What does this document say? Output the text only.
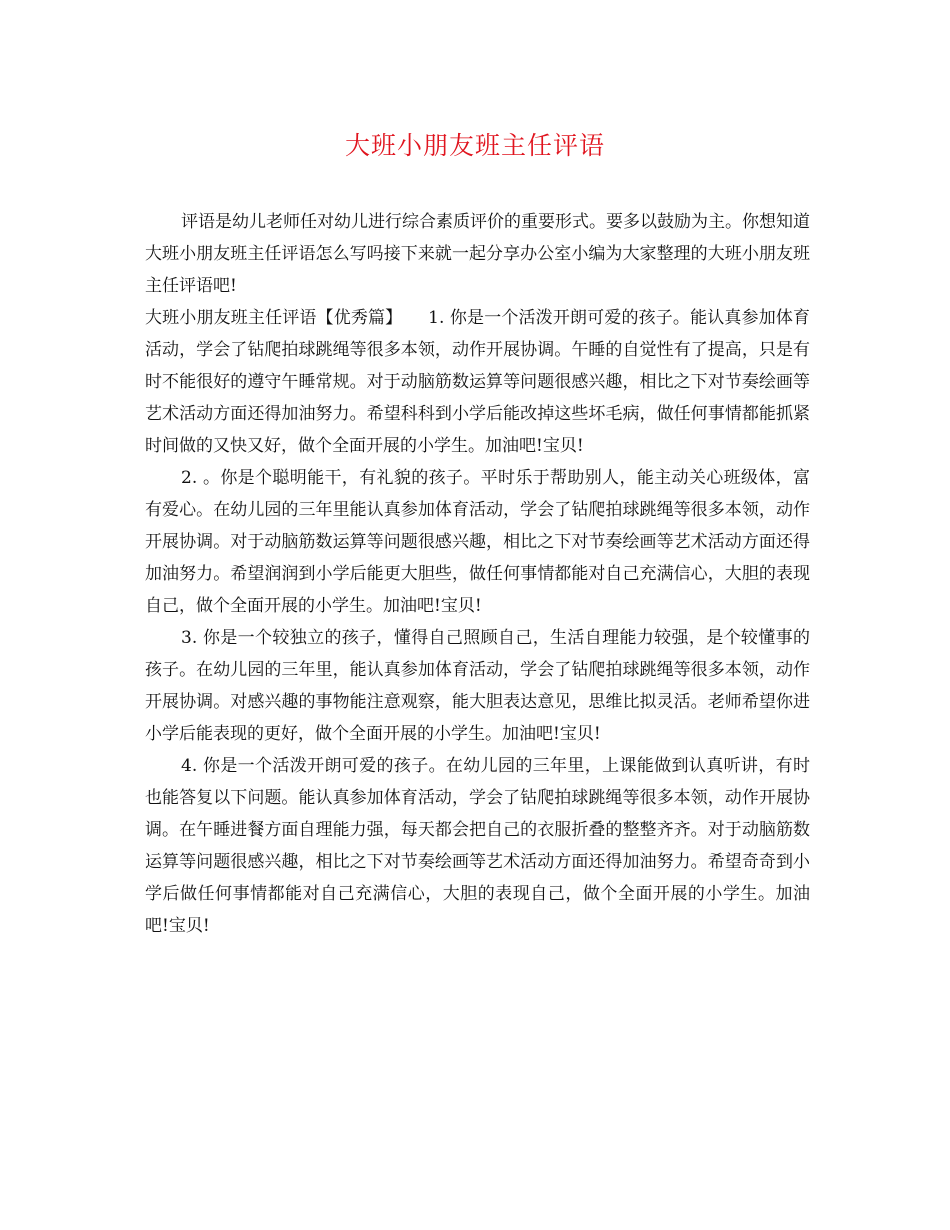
大班小朋友班主任评语

评语是幼儿老师任对幼儿进行综合素质评价的重要形式。要多以鼓励为主。你想知道大班小朋友班主任评语怎么写吗接下来就一起分享办公室小编为大家整理的大班小朋友班主任评语吧!

大班小朋友班主任评语【优秀篇】　　1. 你是一个活泼开朗可爱的孩子。能认真参加体育活动，学会了钻爬拍球跳绳等很多本领，动作开展协调。午睡的自觉性有了提高，只是有时不能很好的遵守午睡常规。对于动脑筋数运算等问题很感兴趣，相比之下对节奏绘画等艺术活动方面还得加油努力。希望科科到小学后能改掉这些坏毛病，做任何事情都能抓紧时间做的又快又好，做个全面开展的小学生。加油吧!宝贝!

2. 。你是个聪明能干，有礼貌的孩子。平时乐于帮助别人，能主动关心班级体，富有爱心。在幼儿园的三年里能认真参加体育活动，学会了钻爬拍球跳绳等很多本领，动作开展协调。对于动脑筋数运算等问题很感兴趣，相比之下对节奏绘画等艺术活动方面还得加油努力。希望润润到小学后能更大胆些，做任何事情都能对自己充满信心，大胆的表现自己，做个全面开展的小学生。加油吧!宝贝!

3. 你是一个较独立的孩子，懂得自己照顾自己，生活自理能力较强，是个较懂事的孩子。在幼儿园的三年里，能认真参加体育活动，学会了钻爬拍球跳绳等很多本领，动作开展协调。对感兴趣的事物能注意观察，能大胆表达意见，思维比拟灵活。老师希望你进小学后能表现的更好，做个全面开展的小学生。加油吧!宝贝!

4. 你是一个活泼开朗可爱的孩子。在幼儿园的三年里，上课能做到认真听讲，有时也能答复以下问题。能认真参加体育活动，学会了钻爬拍球跳绳等很多本领，动作开展协调。在午睡进餐方面自理能力强，每天都会把自己的衣服折叠的整整齐齐。对于动脑筋数运算等问题很感兴趣，相比之下对节奏绘画等艺术活动方面还得加油努力。希望奇奇到小学后做任何事情都能对自己充满信心，大胆的表现自己，做个全面开展的小学生。加油吧!宝贝!
